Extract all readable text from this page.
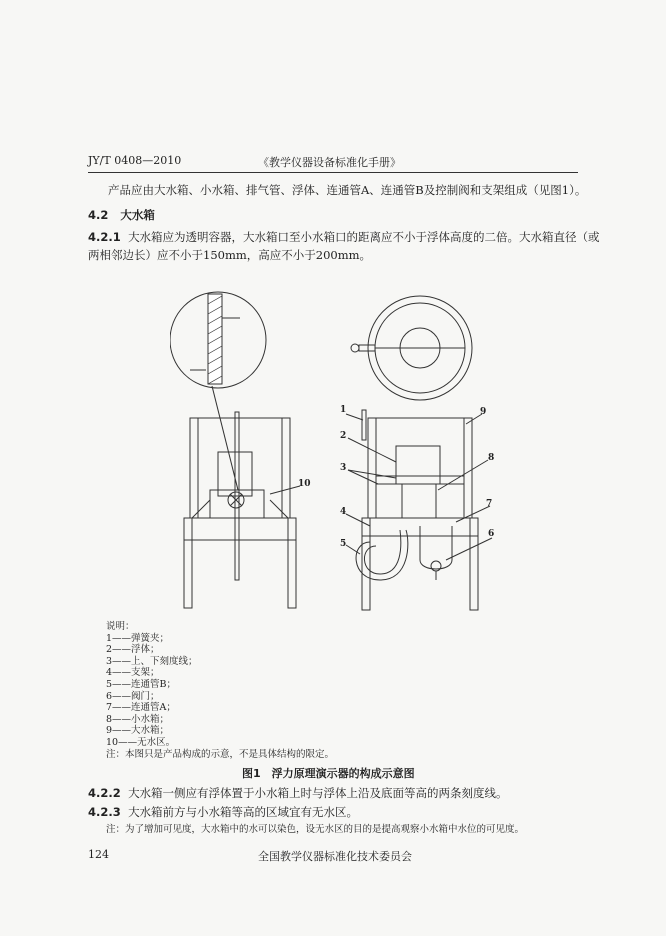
JY/T 0408—2010	《教学仪器设备标准化手册》
产品应由大水箱、小水箱、排气管、浮体、连通管A、连通管B及控制阀和支架组成（见图1）。
4.2 大水箱
4.2.1 大水箱应为透明容器，大水箱口至小水箱口的距离应不小于浮体高度的二倍。大水箱直径（或
两相邻边长）应不小于150mm，高应不小于200mm。
1
2
3
4
5
6
7
8
9
10
说明：
1——弹簧夹；
2——浮体；
3——上、下刻度线；
4——支架；
5——连通管B；
6——阀门；
7——连通管A；
8——小水箱；
9——大水箱；
10——无水区。
注：本图只是产品构成的示意，不是具体结构的限定。
图1　浮力原理演示器的构成示意图
4.2.2 大水箱一侧应有浮体置于小水箱上时与浮体上沿及底面等高的两条刻度线。
4.2.3 大水箱前方与小水箱等高的区域宜有无水区。
注：为了增加可见度，大水箱中的水可以染色，设无水区的目的是提高观察小水箱中水位的可见度。
124	全国教学仪器标准化技术委员会
